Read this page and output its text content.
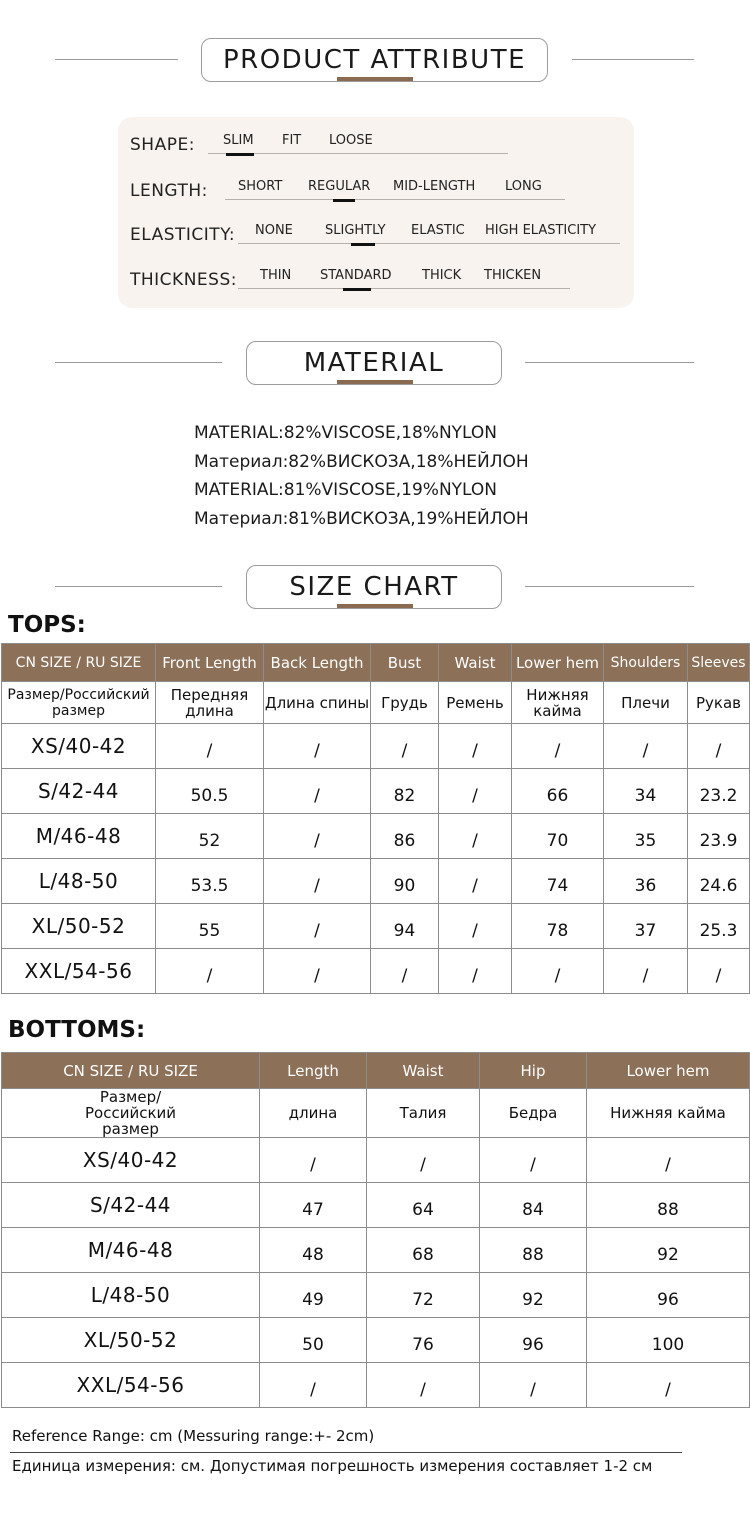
PRODUCT ATTRIBUTE
SHAPE: SLIM FIT LOOSE
LENGTH: SHORT REGULAR MID-LENGTH LONG
ELASTICITY: NONE SLIGHTLY ELASTIC HIGH ELASTICITY
THICKNESS: THIN STANDARD THICK THICKEN
MATERIAL
MATERIAL:82%VISCOSE,18%NYLON
Материал:82%ВИСКОЗА,18%НЕЙЛОН
MATERIAL:81%VISCOSE,19%NYLON
Материал:81%ВИСКОЗА,19%НЕЙЛОН
SIZE CHART
TOPS:
CN SIZE / RU SIZE	Front Length	Back Length	Bust	Waist	Lower hem	Shoulders	Sleeves
Размер/Российский размер	Передняя длина	Длина спины	Грудь	Ремень	Нижняя кайма	Плечи	Рукав
XS/40-42	/	/	/	/	/	/	/
S/42-44	50.5	/	82	/	66	34	23.2
M/46-48	52	/	86	/	70	35	23.9
L/48-50	53.5	/	90	/	74	36	24.6
XL/50-52	55	/	94	/	78	37	25.3
XXL/54-56	/	/	/	/	/	/	/
BOTTOMS:
CN SIZE / RU SIZE	Length	Waist	Hip	Lower hem
Размер/Российский размер	длина	Талия	Бедра	Нижняя кайма
XS/40-42	/	/	/	/
S/42-44	47	64	84	88
M/46-48	48	68	88	92
L/48-50	49	72	92	96
XL/50-52	50	76	96	100
XXL/54-56	/	/	/	/
Reference Range: cm (Messuring range:+- 2cm)
Единица измерения: см. Допустимая погрешность измерения составляет 1-2 см
